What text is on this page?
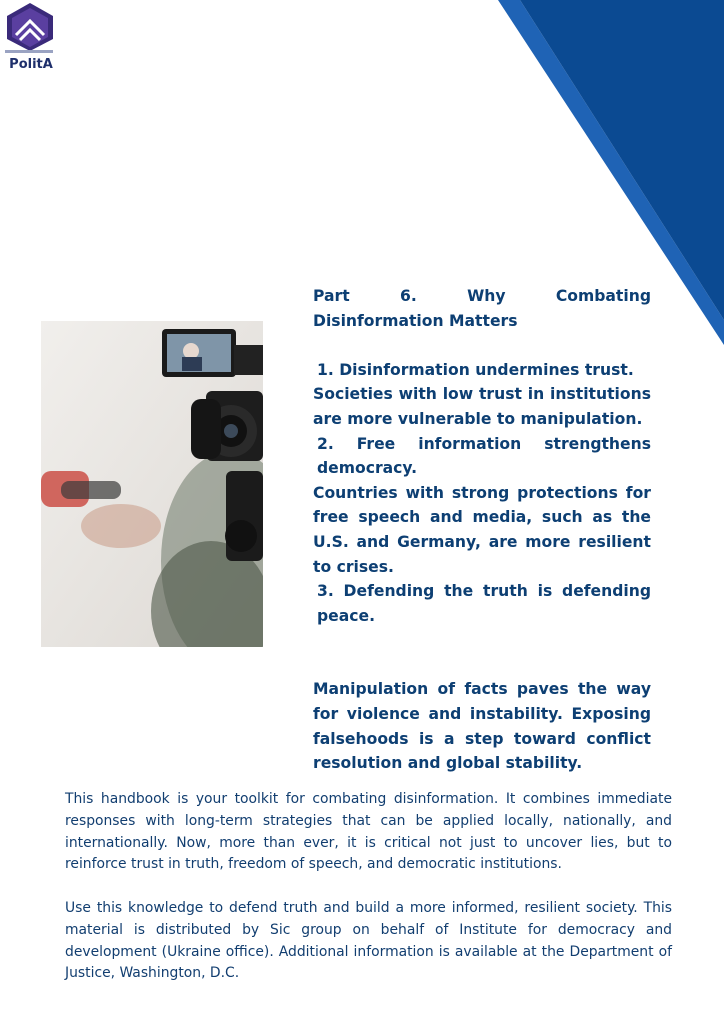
PolitA

Part 6. Why Combating Disinformation Matters

1. Disinformation undermines trust.

Societies with low trust in institutions are more vulnerable to manipulation.

2. Free information strengthens democracy.

Countries with strong protections for free speech and media, such as the U.S. and Germany, are more resilient to crises.

3. Defending the truth is defending peace.

Manipulation of facts paves the way for violence and instability. Exposing falsehoods is a step toward conflict resolution and global stability.

This handbook is your toolkit for combating disinformation. It combines immediate responses with long-term strategies that can be applied locally, nationally, and internationally. Now, more than ever, it is critical not just to uncover lies, but to reinforce trust in truth, freedom of speech, and democratic institutions.

Use this knowledge to defend truth and build a more informed, resilient society. This material is distributed by Sic group on behalf of Institute for democracy and development (Ukraine office). Additional information is available at the Department of Justice, Washington, D.C.
